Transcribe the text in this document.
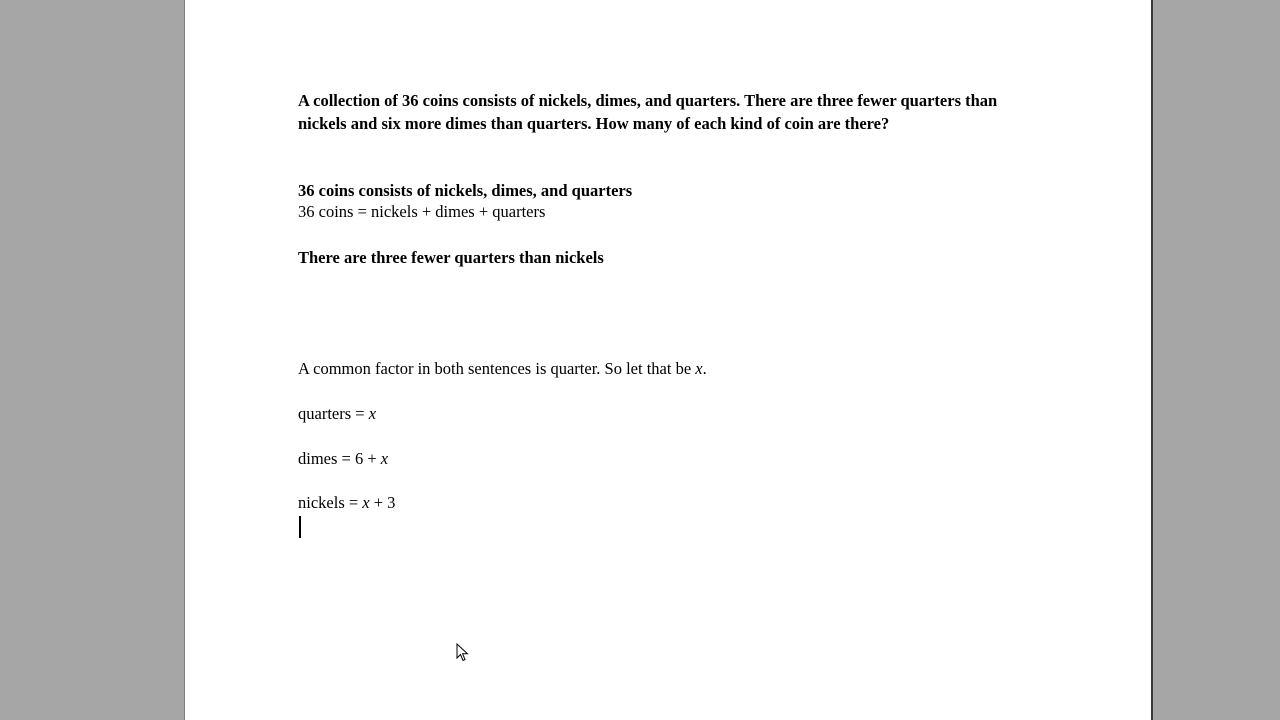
A collection of 36 coins consists of nickels, dimes, and quarters. There are three fewer quarters than nickels and six more dimes than quarters. How many of each kind of coin are there?

36 coins consists of nickels, dimes, and quarters

36 coins = nickels + dimes + quarters

There are three fewer quarters than nickels

A common factor in both sentences is quarter. So let that be x.

quarters = x

dimes = 6 + x

nickels = x + 3
